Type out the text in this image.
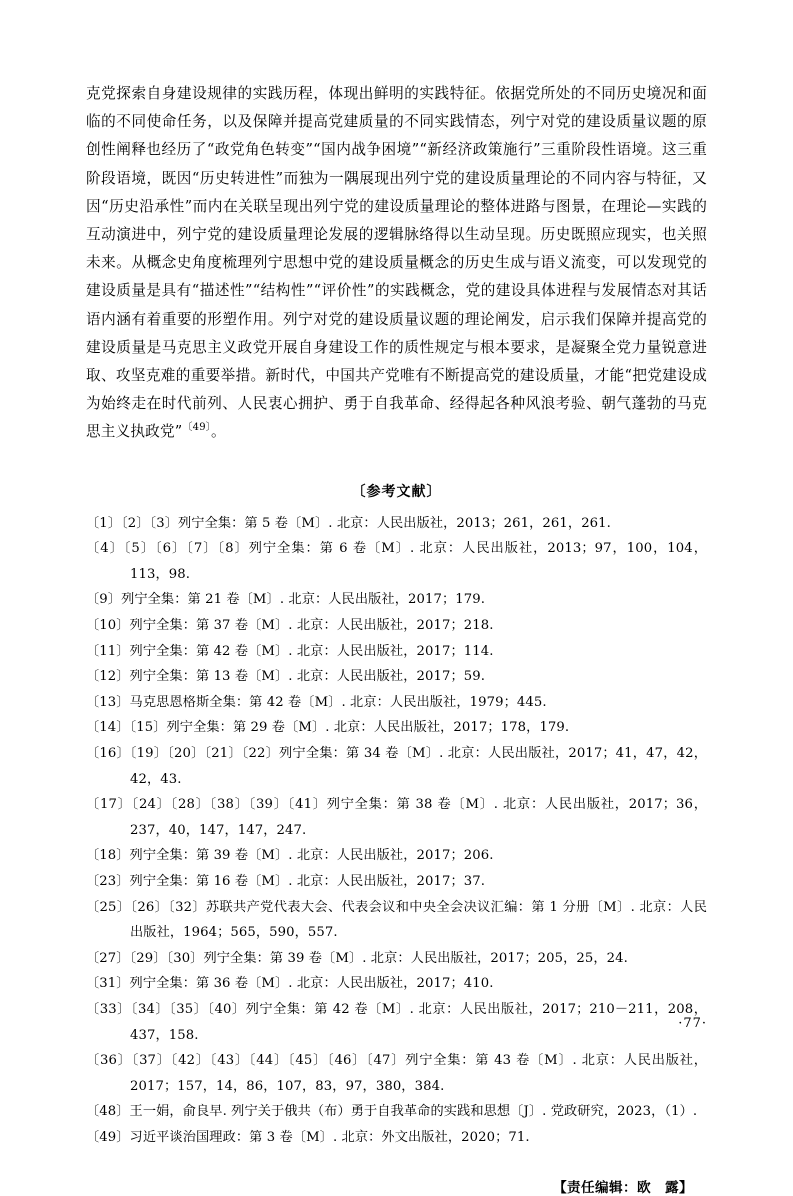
克党探索自身建设规律的实践历程，体现出鲜明的实践特征。依据党所处的不同历史境况和面临的不同使命任务，以及保障并提高党建质量的不同实践情态，列宁对党的建设质量议题的原创性阐释也经历了“政党角色转变”“国内战争困境”“新经济政策施行”三重阶段性语境。这三重阶段语境，既因“历史转进性”而独为一隅展现出列宁党的建设质量理论的不同内容与特征，又因“历史沿承性”而内在关联呈现出列宁党的建设质量理论的整体进路与图景，在理论—实践的互动演进中，列宁党的建设质量理论发展的逻辑脉络得以生动呈现。历史既照应现实，也关照未来。从概念史角度梳理列宁思想中党的建设质量概念的历史生成与语义流变，可以发现党的建设质量是具有“描述性”“结构性”“评价性”的实践概念，党的建设具体进程与发展情态对其话语内涵有着重要的形塑作用。列宁对党的建设质量议题的理论阐发，启示我们保障并提高党的建设质量是马克思主义政党开展自身建设工作的质性规定与根本要求，是凝聚全党力量锐意进取、攻坚克难的重要举措。新时代，中国共产党唯有不断提高党的建设质量，才能“把党建设成为始终走在时代前列、人民衷心拥护、勇于自我革命、经得起各种风浪考验、朝气蓬勃的马克思主义执政党”$^{〔49〕}$。

〔参考文献〕
〔1〕〔2〕〔3〕列宁全集：第 5 卷〔M〕. 北京：人民出版社，2013；261，261，261.
〔4〕〔5〕〔6〕〔7〕〔8〕列宁全集：第 6 卷〔M〕. 北京：人民出版社，2013；97，100，104，113，98.
〔9〕列宁全集：第 21 卷〔M〕. 北京：人民出版社，2017；179.
〔10〕列宁全集：第 37 卷〔M〕. 北京：人民出版社，2017；218.
〔11〕列宁全集：第 42 卷〔M〕. 北京：人民出版社，2017；114.
〔12〕列宁全集：第 13 卷〔M〕. 北京：人民出版社，2017；59.
〔13〕马克思恩格斯全集：第 42 卷〔M〕. 北京：人民出版社，1979；445.
〔14〕〔15〕列宁全集：第 29 卷〔M〕. 北京：人民出版社，2017；178，179.
〔16〕〔19〕〔20〕〔21〕〔22〕列宁全集：第 34 卷〔M〕. 北京：人民出版社，2017；41，47，42，42，43.
〔17〕〔24〕〔28〕〔38〕〔39〕〔41〕列宁全集：第 38 卷〔M〕. 北京：人民出版社，2017；36，237，40，147，147，247.
〔18〕列宁全集：第 39 卷〔M〕. 北京：人民出版社，2017；206.
〔23〕列宁全集：第 16 卷〔M〕. 北京：人民出版社，2017；37.
〔25〕〔26〕〔32〕苏联共产党代表大会、代表会议和中央全会决议汇编：第 1 分册〔M〕. 北京：人民出版社，1964；565，590，557.
〔27〕〔29〕〔30〕列宁全集：第 39 卷〔M〕. 北京：人民出版社，2017；205，25，24.
〔31〕列宁全集：第 36 卷〔M〕. 北京：人民出版社，2017；410.
〔33〕〔34〕〔35〕〔40〕列宁全集：第 42 卷〔M〕. 北京：人民出版社，2017；210－211，208，437，158.
〔36〕〔37〕〔42〕〔43〕〔44〕〔45〕〔46〕〔47〕列宁全集：第 43 卷〔M〕. 北京：人民出版社，2017；157，14，86，107，83，97，380，384.
〔48〕王一娟，俞良早. 列宁关于俄共（布）勇于自我革命的实践和思想〔J〕. 党政研究，2023，（1）.
〔49〕习近平谈治国理政：第 3 卷〔M〕. 北京：外文出版社，2020；71.
【责任编辑：欧　露】
·77·
